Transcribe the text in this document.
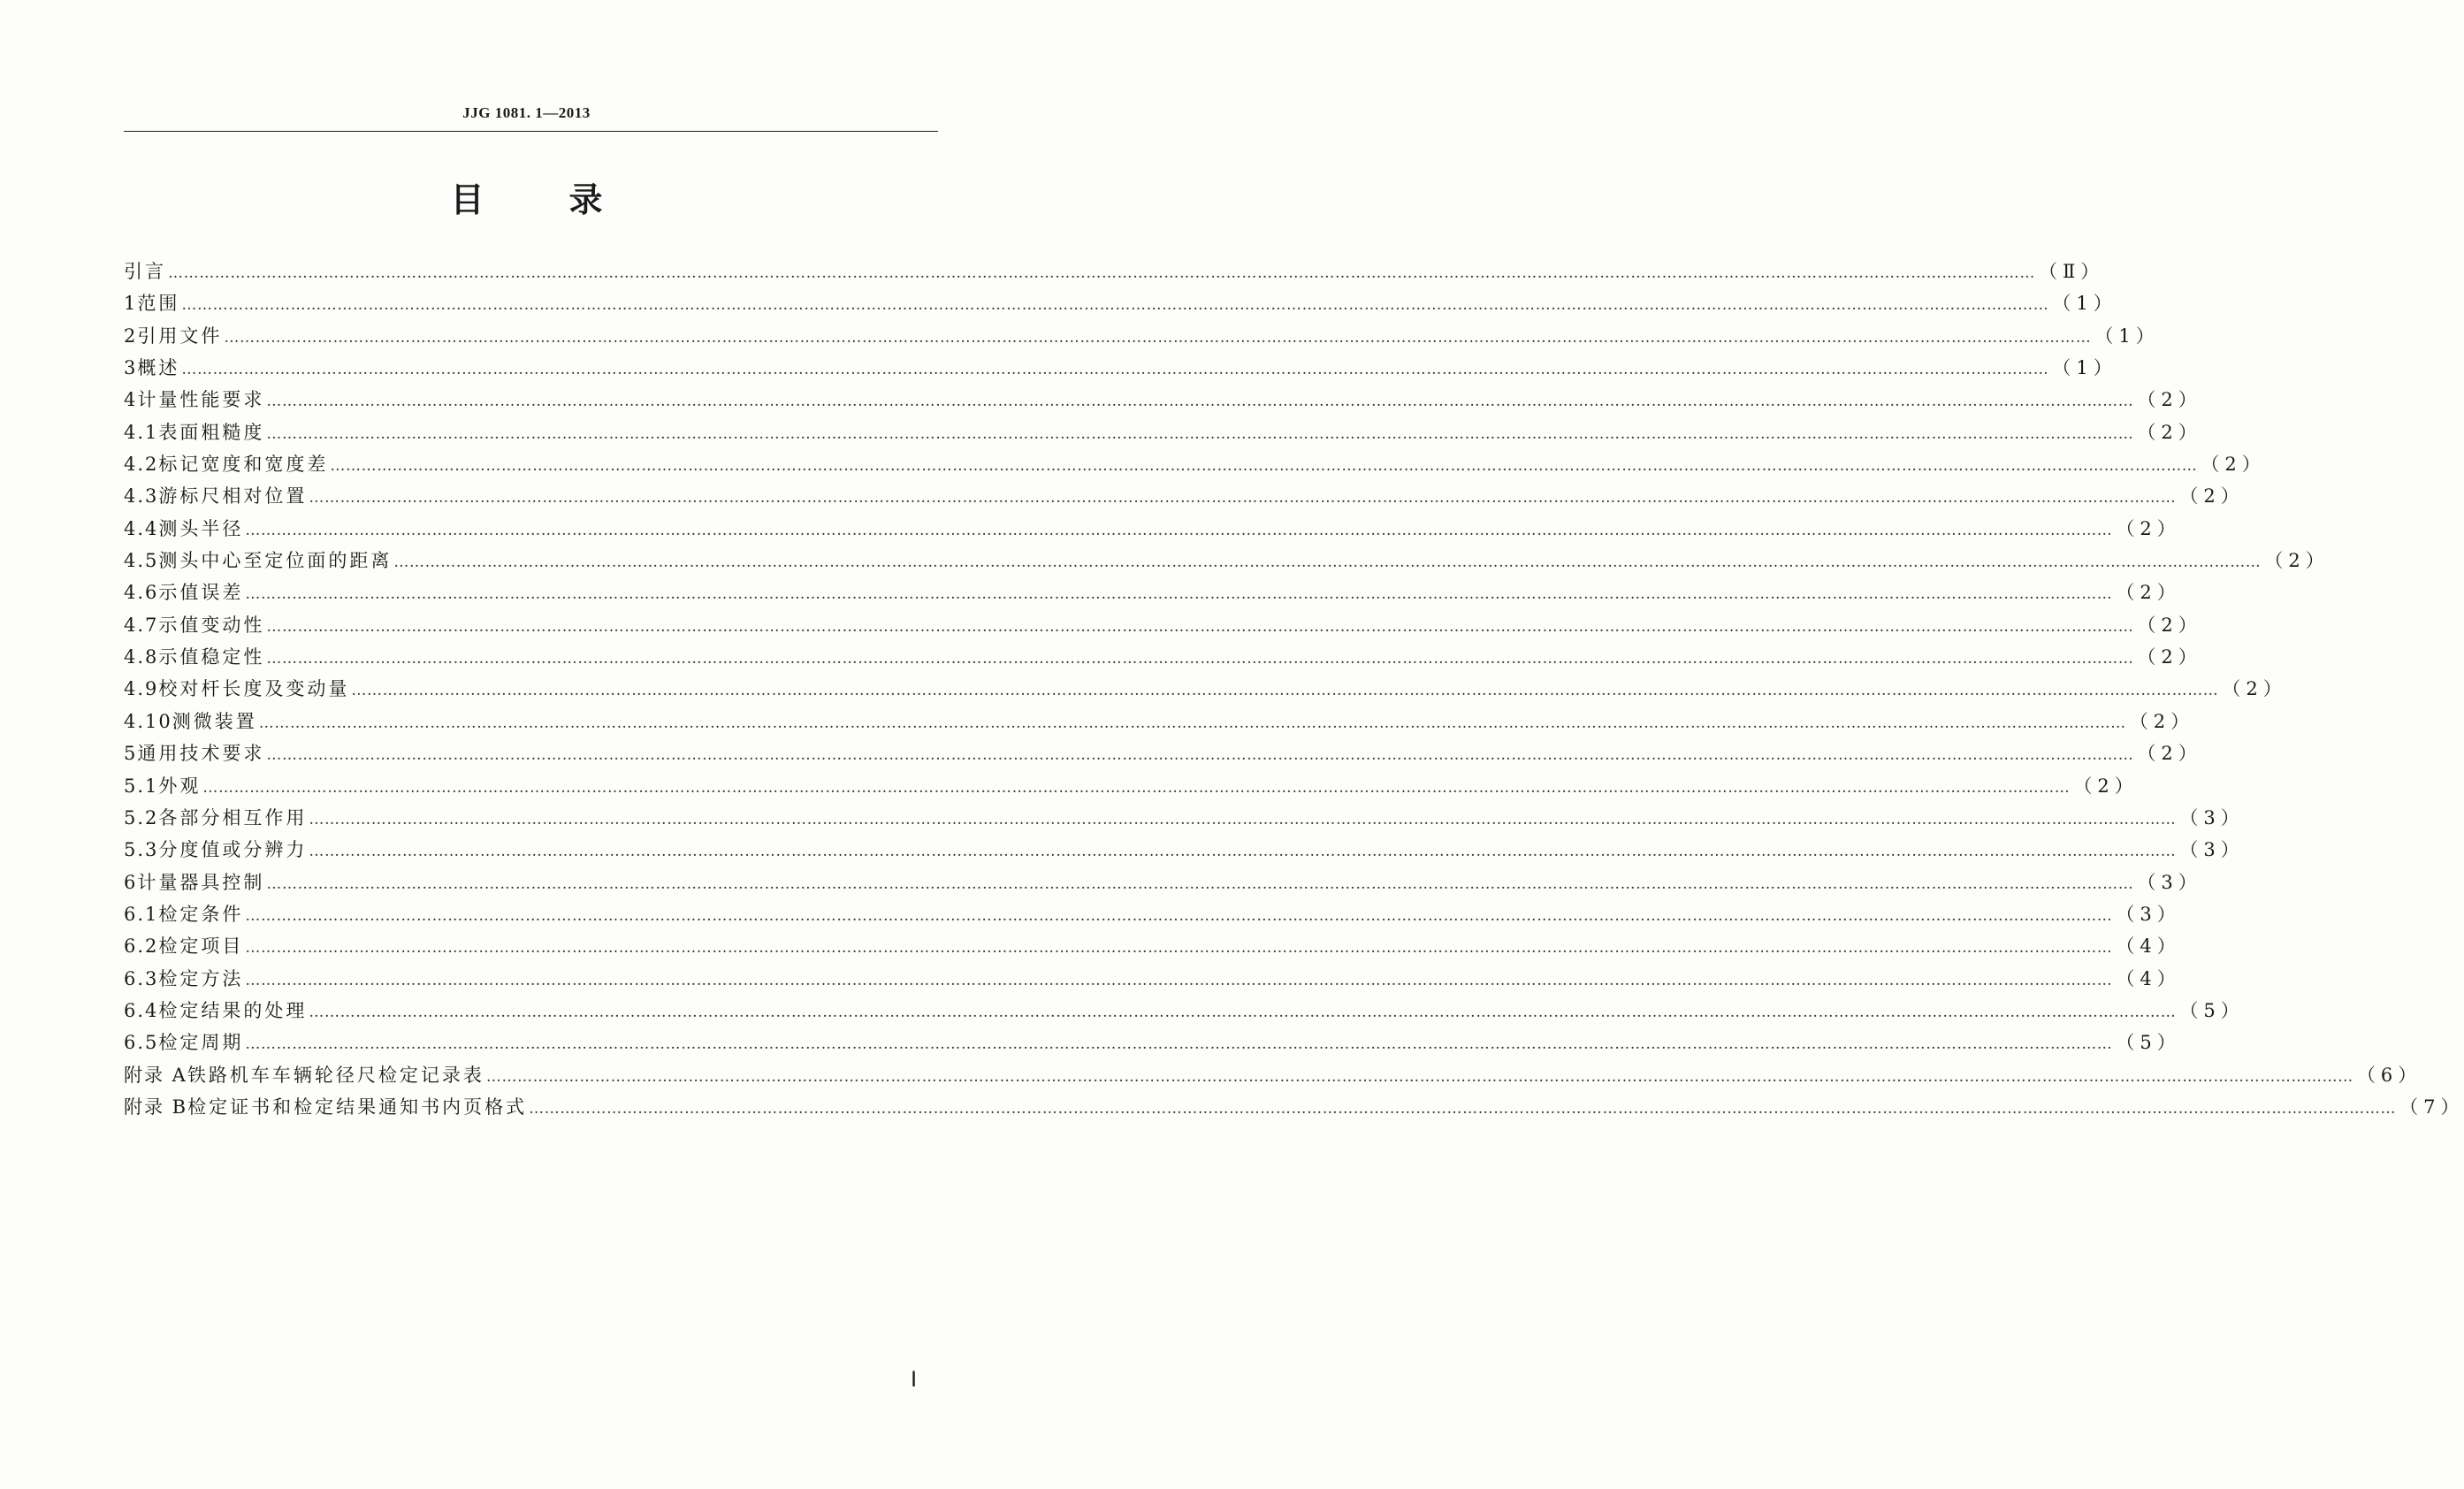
JJG 1081. 1—2013
目	录
引言 ……………………………………………………………………………………………………………………………………………………………………………………………………………………………………………………………………………………………………………………………… （Ⅱ）
1 范围 ……………………………………………………………………………………………………………………………………………………………………………………………………………………………………………………………………………………………………………………………… （1）
2 引用文件 ……………………………………………………………………………………………………………………………………………………………………………………………………………………………………………………………………………………………………………………………… （1）
3 概述 ……………………………………………………………………………………………………………………………………………………………………………………………………………………………………………………………………………………………………………………………… （1）
4 计量性能要求 ……………………………………………………………………………………………………………………………………………………………………………………………………………………………………………………………………………………………………………………………… （2）
4.1 表面粗糙度 ……………………………………………………………………………………………………………………………………………………………………………………………………………………………………………………………………………………………………………………………… （2）
4.2 标记宽度和宽度差 ……………………………………………………………………………………………………………………………………………………………………………………………………………………………………………………………………………………………………………………………… （2）
4.3 游标尺相对位置 ……………………………………………………………………………………………………………………………………………………………………………………………………………………………………………………………………………………………………………………………… （2）
4.4 测头半径 ……………………………………………………………………………………………………………………………………………………………………………………………………………………………………………………………………………………………………………………………… （2）
4.5 测头中心至定位面的距离 ……………………………………………………………………………………………………………………………………………………………………………………………………………………………………………………………………………………………………………………………… （2）
4.6 示值误差 ……………………………………………………………………………………………………………………………………………………………………………………………………………………………………………………………………………………………………………………………… （2）
4.7 示值变动性 ……………………………………………………………………………………………………………………………………………………………………………………………………………………………………………………………………………………………………………………………… （2）
4.8 示值稳定性 ……………………………………………………………………………………………………………………………………………………………………………………………………………………………………………………………………………………………………………………………… （2）
4.9 校对杆长度及变动量 ……………………………………………………………………………………………………………………………………………………………………………………………………………………………………………………………………………………………………………………………… （2）
4.10 测微装置 ……………………………………………………………………………………………………………………………………………………………………………………………………………………………………………………………………………………………………………………………… （2）
5 通用技术要求 ……………………………………………………………………………………………………………………………………………………………………………………………………………………………………………………………………………………………………………………………… （2）
5.1 外观 ……………………………………………………………………………………………………………………………………………………………………………………………………………………………………………………………………………………………………………………………… （2）
5.2 各部分相互作用 ……………………………………………………………………………………………………………………………………………………………………………………………………………………………………………………………………………………………………………………………… （3）
5.3 分度值或分辨力 ……………………………………………………………………………………………………………………………………………………………………………………………………………………………………………………………………………………………………………………………… （3）
6 计量器具控制 ……………………………………………………………………………………………………………………………………………………………………………………………………………………………………………………………………………………………………………………………… （3）
6.1 检定条件 ……………………………………………………………………………………………………………………………………………………………………………………………………………………………………………………………………………………………………………………………… （3）
6.2 检定项目 ……………………………………………………………………………………………………………………………………………………………………………………………………………………………………………………………………………………………………………………………… （4）
6.3 检定方法 ……………………………………………………………………………………………………………………………………………………………………………………………………………………………………………………………………………………………………………………………… （4）
6.4 检定结果的处理 ……………………………………………………………………………………………………………………………………………………………………………………………………………………………………………………………………………………………………………………………… （5）
6.5 检定周期 ……………………………………………………………………………………………………………………………………………………………………………………………………………………………………………………………………………………………………………………………… （5）
附录 A 铁路机车车辆轮径尺检定记录表 ……………………………………………………………………………………………………………………………………………………………………………………………………………………………………………………………………………………………………………………………… （6）
附录 B 检定证书和检定结果通知书内页格式 ……………………………………………………………………………………………………………………………………………………………………………………………………………………………………………………………………………………………………………………………… （7）
Ⅰ
